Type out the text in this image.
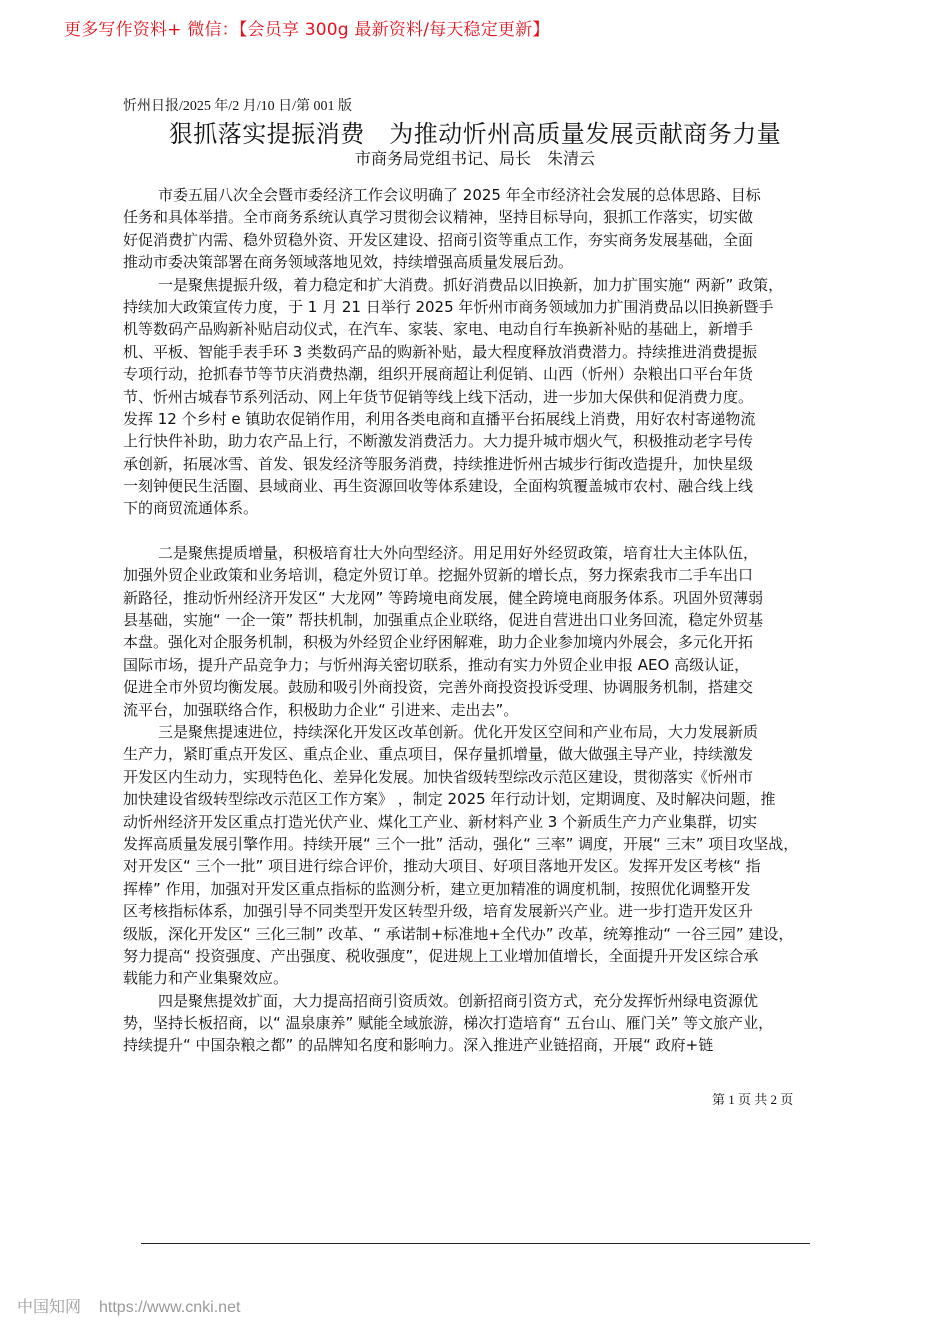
更多写作资料+ 微信：【会员享 300g 最新资料/每天稳定更新】
忻州日报/2025 年/2 月/10 日/第 001 版
狠抓落实提振消费　为推动忻州高质量发展贡献商务力量
市商务局党组书记、局长　朱清云
市委五届八次全会暨市委经济工作会议明确了 2025 年全市经济社会发展的总体思路、目标
任务和具体举措。全市商务系统认真学习贯彻会议精神，坚持目标导向，狠抓工作落实，切实做
好促消费扩内需、稳外贸稳外资、开发区建设、招商引资等重点工作，夯实商务发展基础，全面
推动市委决策部署在商务领域落地见效，持续增强高质量发展后劲。
一是聚焦提振升级，着力稳定和扩大消费。抓好消费品以旧换新，加力扩围实施“ 两新” 政策，
持续加大政策宣传力度，于 1 月 21 日举行 2025 年忻州市商务领域加力扩围消费品以旧换新暨手
机等数码产品购新补贴启动仪式，在汽车、家装、家电、电动自行车换新补贴的基础上，新增手
机、平板、智能手表手环 3 类数码产品的购新补贴，最大程度释放消费潜力。持续推进消费提振
专项行动，抢抓春节等节庆消费热潮，组织开展商超让利促销、山西（忻州）杂粮出口平台年货
节、忻州古城春节系列活动、网上年货节促销等线上线下活动，进一步加大保供和促消费力度。
发挥 12 个乡村 e 镇助农促销作用，利用各类电商和直播平台拓展线上消费，用好农村寄递物流
上行快件补助，助力农产品上行，不断激发消费活力。大力提升城市烟火气，积极推动老字号传
承创新，拓展冰雪、首发、银发经济等服务消费，持续推进忻州古城步行街改造提升，加快星级
一刻钟便民生活圈、县域商业、再生资源回收等体系建设，全面构筑覆盖城市农村、融合线上线
下的商贸流通体系。
二是聚焦提质增量，积极培育壮大外向型经济。用足用好外经贸政策，培育壮大主体队伍，
加强外贸企业政策和业务培训，稳定外贸订单。挖掘外贸新的增长点，努力探索我市二手车出口
新路径，推动忻州经济开发区“ 大龙网” 等跨境电商发展，健全跨境电商服务体系。巩固外贸薄弱
县基础，实施“ 一企一策” 帮扶机制，加强重点企业联络，促进自营进出口业务回流，稳定外贸基
本盘。强化对企服务机制，积极为外经贸企业纾困解难，助力企业参加境内外展会，多元化开拓
国际市场，提升产品竞争力；与忻州海关密切联系，推动有实力外贸企业申报 AEO 高级认证，
促进全市外贸均衡发展。鼓励和吸引外商投资，完善外商投资投诉受理、协调服务机制，搭建交
流平台，加强联络合作，积极助力企业“ 引进来、走出去”。
三是聚焦提速进位，持续深化开发区改革创新。优化开发区空间和产业布局，大力发展新质
生产力，紧盯重点开发区、重点企业、重点项目，保存量抓增量，做大做强主导产业，持续激发
开发区内生动力，实现特色化、差异化发展。加快省级转型综改示范区建设，贯彻落实《忻州市
加快建设省级转型综改示范区工作方案》 ，制定 2025 年行动计划，定期调度、及时解决问题，推
动忻州经济开发区重点打造光伏产业、煤化工产业、新材料产业 3 个新质生产力产业集群，切实
发挥高质量发展引擎作用。持续开展“ 三个一批” 活动，强化“ 三率” 调度，开展“ 三末” 项目攻坚战，
对开发区“ 三个一批” 项目进行综合评价，推动大项目、好项目落地开发区。发挥开发区考核“ 指
挥棒” 作用，加强对开发区重点指标的监测分析，建立更加精准的调度机制，按照优化调整开发
区考核指标体系，加强引导不同类型开发区转型升级，培育发展新兴产业。进一步打造开发区升
级版，深化开发区“ 三化三制” 改革、“ 承诺制+标准地+全代办” 改革，统筹推动“ 一谷三园” 建设，
努力提高“ 投资强度、产出强度、税收强度”，促进规上工业增加值增长，全面提升开发区综合承
载能力和产业集聚效应。
四是聚焦提效扩面，大力提高招商引资质效。创新招商引资方式，充分发挥忻州绿电资源优
势，坚持长板招商，以“ 温泉康养” 赋能全域旅游，梯次打造培育“ 五台山、雁门关” 等文旅产业，
持续提升“ 中国杂粮之都” 的品牌知名度和影响力。深入推进产业链招商，开展“ 政府+链
第 1 页 共 2 页
中国知网 https://www.cnki.net
